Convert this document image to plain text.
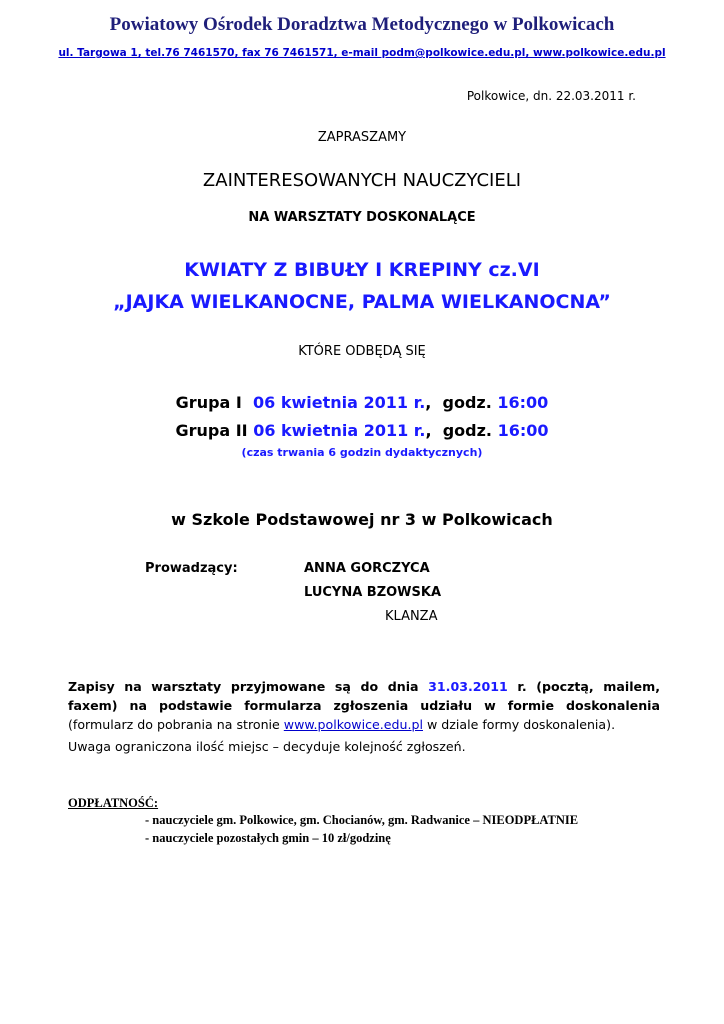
Powiatowy Ośrodek Doradztwa Metodycznego w Polkowicach
ul. Targowa 1, tel.76 7461570, fax 76 7461571, e-mail podm@polkowice.edu.pl, www.polkowice.edu.pl
Polkowice, dn. 22.03.2011 r.
ZAPRASZAMY
ZAINTERESOWANYCH NAUCZYCIELI
NA WARSZTATY DOSKONALĄCE
KWIATY Z BIBUŁY I KREPINY cz.VI
„JAJKA WIELKANOCNE, PALMA WIELKANOCNA”
KTÓRE ODBĘDĄ SIĘ
Grupa I  06 kwietnia 2011 r.,  godz. 16:00
Grupa II 06 kwietnia 2011 r.,  godz. 16:00
(czas trwania 6 godzin dydaktycznych)
w Szkole Podstawowej nr 3 w Polkowicach
Prowadzący:	ANNA GORCZYCA
LUCYNA BZOWSKA
KLANZA
Zapisy na warsztaty przyjmowane są do dnia 31.03.2011 r. (pocztą, mailem,
faxem) na podstawie formularza zgłoszenia udziału w formie doskonalenia
(formularz do pobrania na stronie www.polkowice.edu.pl w dziale formy doskonalenia).
Uwaga ograniczona ilość miejsc – decyduje kolejność zgłoszeń.
ODPŁATNOŚĆ:
- nauczyciele gm. Polkowice, gm. Chocianów, gm. Radwanice – NIEODPŁATNIE
- nauczyciele pozostałych gmin – 10 zł/godzinę
